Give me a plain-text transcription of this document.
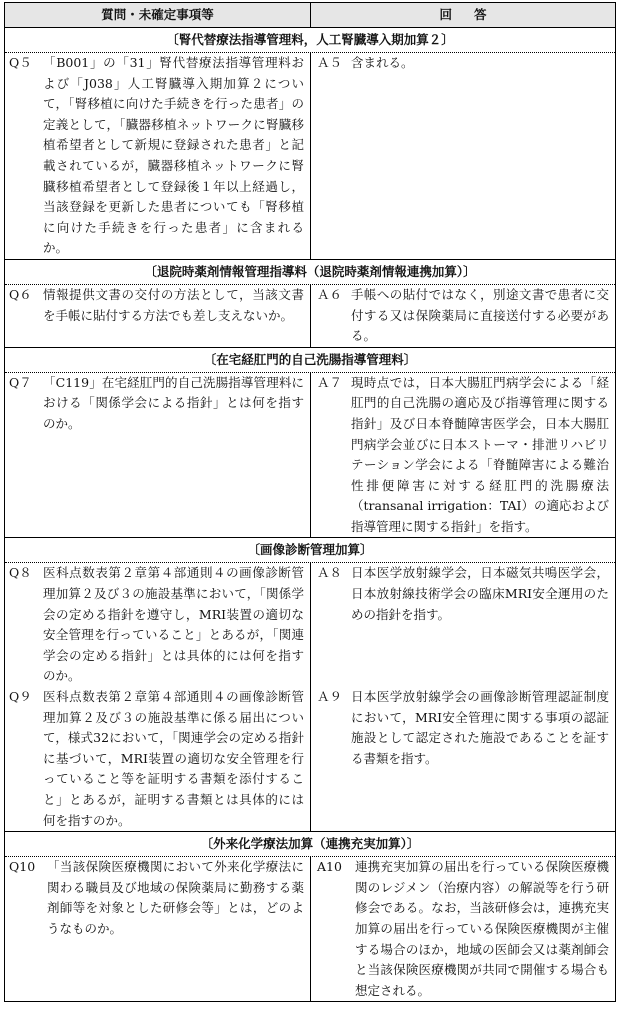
質問・未確定事項等	回答
〔腎代替療法指導管理料，人工腎臓導入期加算２〕
Q５ 「B001」の「31」腎代替療法指導管理料および「J038」人工腎臓導入期加算２について，「腎移植に向けた手続きを行った患者」の定義として，「臓器移植ネットワークに腎臓移植希望者として新規に登録された患者」と記載されているが，臓器移植ネットワークに腎臓移植希望者として登録後１年以上経過し，当該登録を更新した患者についても「腎移植に向けた手続きを行った患者」に含まれるか。
Ａ５ 含まれる。
〔退院時薬剤情報管理指導料（退院時薬剤情報連携加算）〕
Q６ 情報提供文書の交付の方法として，当該文書を手帳に貼付する方法でも差し支えないか。
Ａ６ 手帳への貼付ではなく，別途文書で患者に交付する又は保険薬局に直接送付する必要がある。
〔在宅経肛門的自己洗腸指導管理料〕
Q７ 「C119」在宅経肛門的自己洗腸指導管理料における「関係学会による指針」とは何を指すのか。
Ａ７ 現時点では，日本大腸肛門病学会による「経肛門的自己洗腸の適応及び指導管理に関する指針」及び日本脊髄障害医学会，日本大腸肛門病学会並びに日本ストーマ・排泄リハビリテーション学会による「脊髄障害による難治性排便障害に対する経肛門的洗腸療法（transanal irrigation：TAI）の適応および指導管理に関する指針」を指す。
〔画像診断管理加算〕
Q８ 医科点数表第２章第４部通則４の画像診断管理加算２及び３の施設基準において，「関係学会の定める指針を遵守し，MRI装置の適切な安全管理を行っていること」とあるが，「関連学会の定める指針」とは具体的には何を指すのか。
Ａ８ 日本医学放射線学会，日本磁気共鳴医学会，日本放射線技術学会の臨床MRI安全運用のための指針を指す。
Q９ 医科点数表第２章第４部通則４の画像診断管理加算２及び３の施設基準に係る届出について，様式32において，「関連学会の定める指針に基づいて，MRI装置の適切な安全管理を行っていること等を証明する書類を添付すること」とあるが，証明する書類とは具体的には何を指すのか。
Ａ９ 日本医学放射線学会の画像診断管理認証制度において，MRI安全管理に関する事項の認証施設として認定された施設であることを証する書類を指す。
〔外来化学療法加算（連携充実加算）〕
Q10 「当該保険医療機関において外来化学療法に関わる職員及び地域の保険薬局に勤務する薬剤師等を対象とした研修会等」とは，どのようなものか。
A10	連携充実加算の届出を行っている保険医療機関のレジメン（治療内容）の解説等を行う研修会である。なお，当該研修会は，連携充実加算の届出を行っている保険医療機関が主催する場合のほか，地域の医師会又は薬剤師会と当該保険医療機関が共同で開催する場合も想定される。
